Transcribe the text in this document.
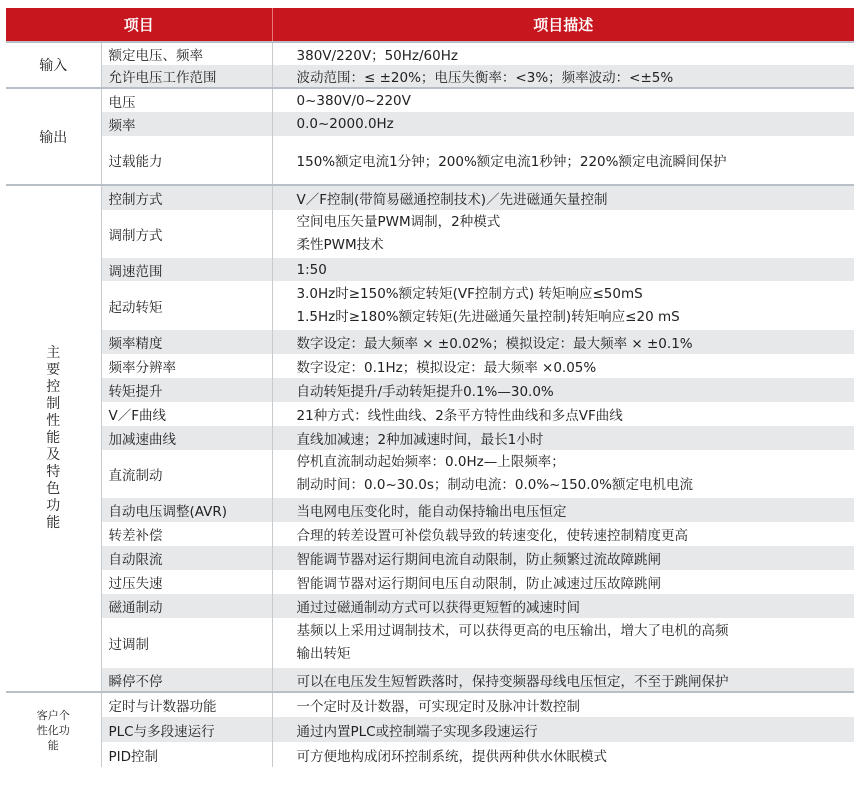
项目		项目描述
输入	额定电压、频率	380V/220V；50Hz/60Hz

	允许电压工作范围	波动范围：≤ ±20%；电压失衡率：<3%；频率波动：<±5%

输出	电压	0~380V/0~220V

	频率	0.0~2000.0Hz

	过载能力	150%额定电流1分钟；200%额定电流1秒钟；220%额定电流瞬间保护

主要控制性能及特色功能	控制方式	V／F控制(带简易磁通控制技术)／先进磁通矢量控制

	调制方式	空间电压矢量PWM调制，2种模式
柔性PWM技术

	调速范围	1:50

	起动转矩	3.0Hz时≥150%额定转矩(VF控制方式) 转矩响应≤50mS
1.5Hz时≥180%额定转矩(先进磁通矢量控制)转矩响应≤20 mS

	频率精度	数字设定：最大频率 × ±0.02%；模拟设定：最大频率 × ±0.1%

	频率分辨率	数字设定：0.1Hz；模拟设定：最大频率 ×0.05%

	转矩提升	自动转矩提升/手动转矩提升0.1%—30.0%

	V／F曲线	21种方式：线性曲线、2条平方特性曲线和多点VF曲线

	加减速曲线	直线加减速；2种加减速时间，最长1小时

	直流制动	停机直流制动起始频率：0.0Hz—上限频率；
制动时间：0.0~30.0s；制动电流：0.0%~150.0%额定电机电流

	自动电压调整(AVR)	当电网电压变化时，能自动保持输出电压恒定

	转差补偿	合理的转差设置可补偿负载导致的转速变化，使转速控制精度更高

	自动限流	智能调节器对运行期间电流自动限制，防止频繁过流故障跳闸

	过压失速	智能调节器对运行期间电压自动限制，防止减速过压故障跳闸

	磁通制动	通过过磁通制动方式可以获得更短暂的减速时间

	过调制	基频以上采用过调制技术，可以获得更高的电压输出，增大了电机的高频
输出转矩

	瞬停不停	可以在电压发生短暂跌落时，保持变频器母线电压恒定，不至于跳闸保护

客户个性化功能	定时与计数器功能	一个定时及计数器，可实现定时及脉冲计数控制

	PLC与多段速运行	通过内置PLC或控制端子实现多段速运行

	PID控制	可方便地构成闭环控制系统，提供两种供水休眠模式
